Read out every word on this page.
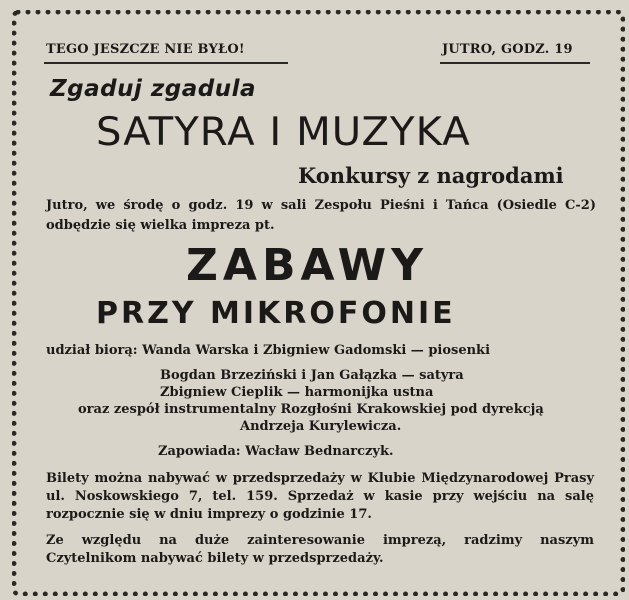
TEGO JESZCZE NIE BYŁO!	JUTRO, GODZ. 19
Zgaduj zgadula
SATYRA I MUZYKA
Konkursy z nagrodami
Jutro, we środę o godz. 19 w sali Zespołu Pieśni i Tańca (Osiedle C-2) odbędzie się wielka impreza pt.
ZABAWY
PRZY MIKROFONIE
udział biorą: Wanda Warska i Zbigniew Gadomski — piosenki
Bogdan Brzeziński i Jan Gałązka — satyra
Zbigniew Cieplik — harmonijka ustna
oraz zespół instrumentalny Rozgłośni Krakowskiej pod dyrekcją
Andrzeja Kurylewicza.
Zapowiada: Wacław Bednarczyk.
Bilety można nabywać w przedsprzedaży w Klubie Międzynarodowej Prasy ul. Noskowskiego 7, tel. 159. Sprzedaż w kasie przy wejściu na salę rozpocznie się w dniu imprezy o godzinie 17.
Ze względu na duże zainteresowanie imprezą, radzimy naszym Czytelnikom nabywać bilety w przedsprzedaży.
